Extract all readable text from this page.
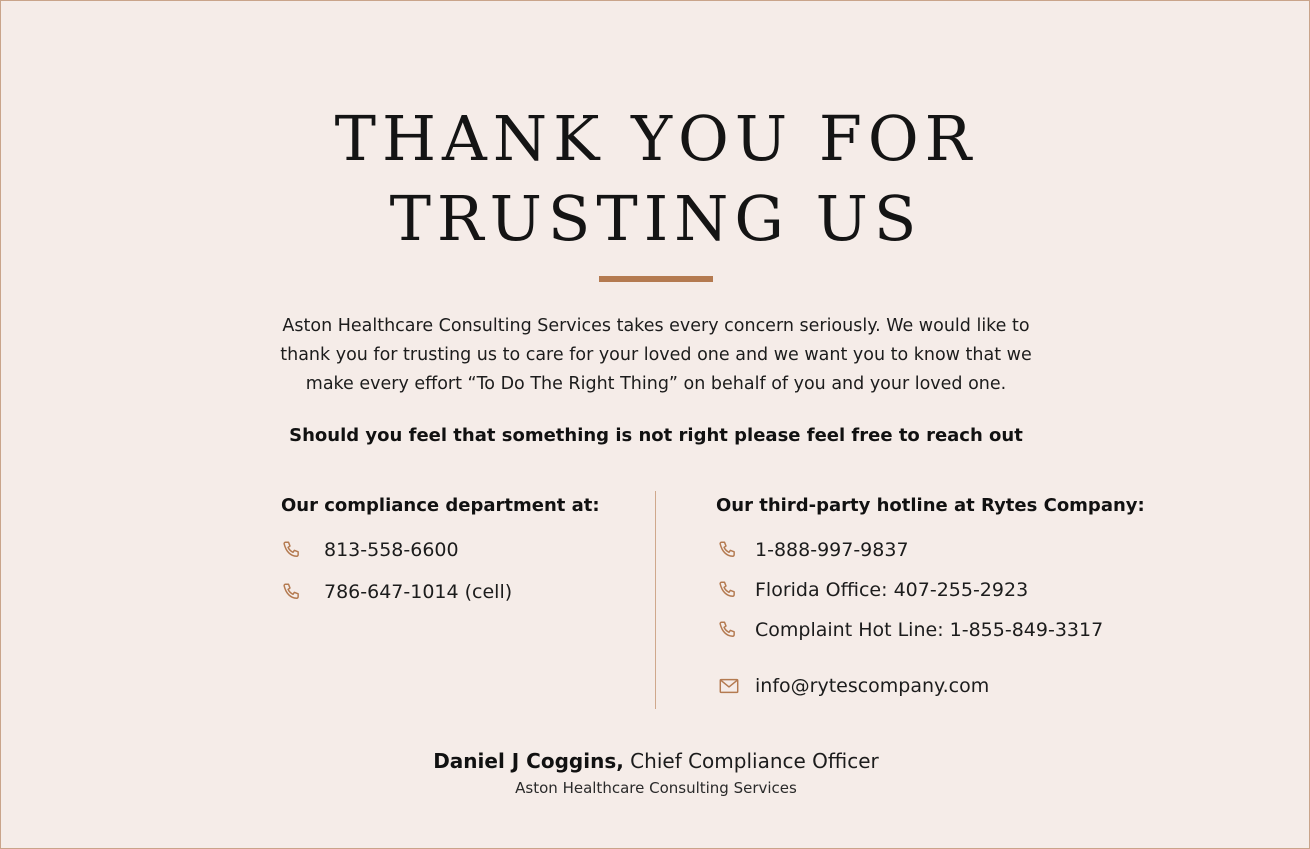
THANK YOU FOR
TRUSTING US
Aston Healthcare Consulting Services takes every concern seriously. We would like to
thank you for trusting us to care for your loved one and we want you to know that we
make every effort “To Do The Right Thing” on behalf of you and your loved one.
Should you feel that something is not right please feel free to reach out
Our compliance department at:
813-558-6600
786-647-1014 (cell)
Our third-party hotline at Rytes Company:
1-888-997-9837
Florida Office: 407-255-2923
Complaint Hot Line: 1-855-849-3317
info@rytescompany.com
Daniel J Coggins, Chief Compliance Officer
Aston Healthcare Consulting Services
